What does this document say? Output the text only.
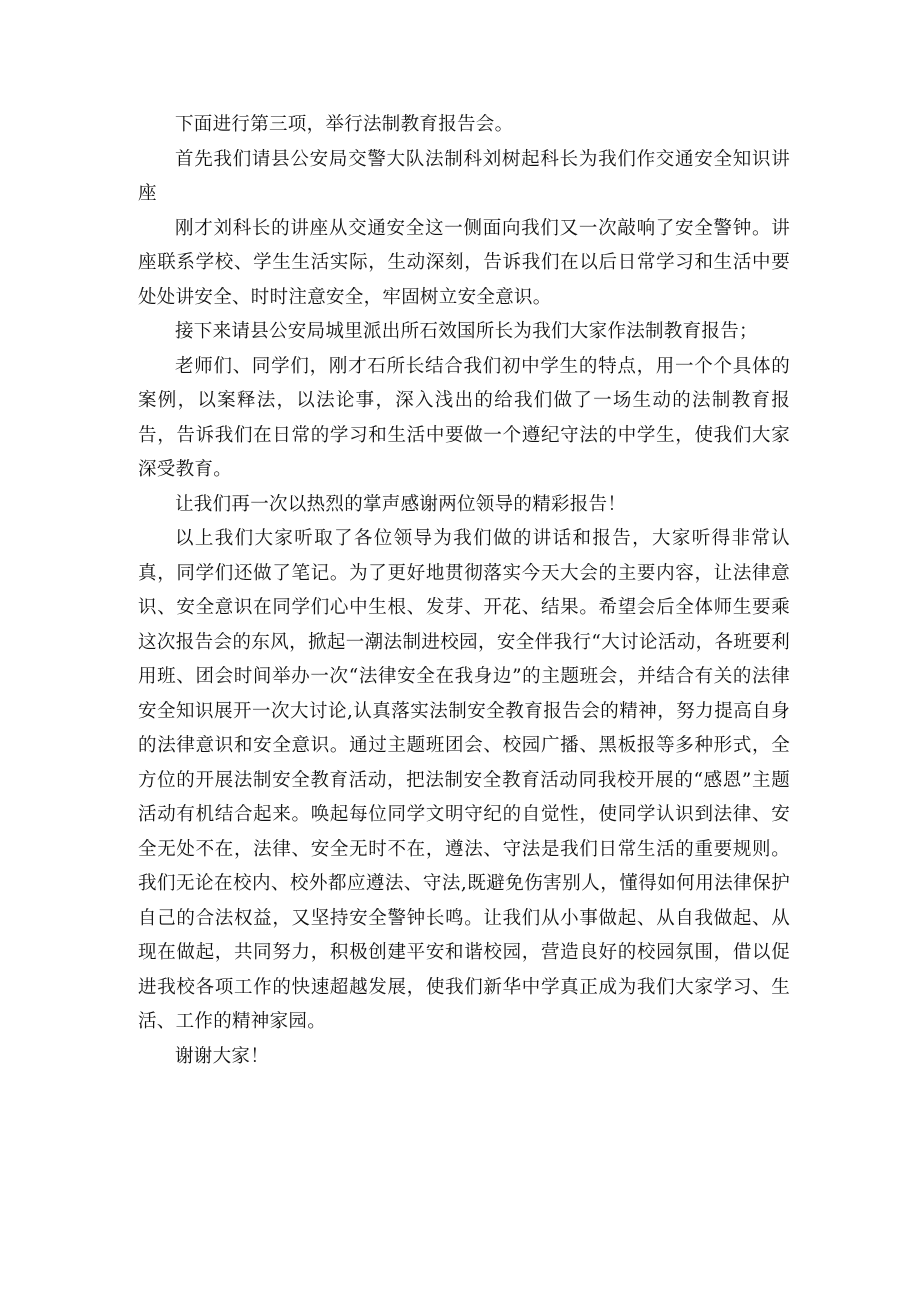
下面进行第三项，举行法制教育报告会。

首先我们请县公安局交警大队法制科刘树起科长为我们作交通安全知识讲座

刚才刘科长的讲座从交通安全这一侧面向我们又一次敲响了安全警钟。讲座联系学校、学生生活实际，生动深刻，告诉我们在以后日常学习和生活中要处处讲安全、时时注意安全，牢固树立安全意识。

接下来请县公安局城里派出所石效国所长为我们大家作法制教育报告；

老师们、同学们，刚才石所长结合我们初中学生的特点，用一个个具体的案例，以案释法，以法论事，深入浅出的给我们做了一场生动的法制教育报告，告诉我们在日常的学习和生活中要做一个遵纪守法的中学生，使我们大家深受教育。

让我们再一次以热烈的掌声感谢两位领导的精彩报告！

以上我们大家听取了各位领导为我们做的讲话和报告，大家听得非常认真，同学们还做了笔记。为了更好地贯彻落实今天大会的主要内容，让法律意识、安全意识在同学们心中生根、发芽、开花、结果。希望会后全体师生要乘这次报告会的东风，掀起一潮法制进校园，安全伴我行“大讨论活动，各班要利用班、团会时间举办一次“法律安全在我身边”的主题班会，并结合有关的法律安全知识展开一次大讨论,认真落实法制安全教育报告会的精神，努力提高自身的法律意识和安全意识。通过主题班团会、校园广播、黑板报等多种形式，全方位的开展法制安全教育活动，把法制安全教育活动同我校开展的“感恩”主题活动有机结合起来。唤起每位同学文明守纪的自觉性，使同学认识到法律、安全无处不在，法律、安全无时不在，遵法、守法是我们日常生活的重要规则。我们无论在校内、校外都应遵法、守法,既避免伤害别人，懂得如何用法律保护自己的合法权益，又坚持安全警钟长鸣。让我们从小事做起、从自我做起、从现在做起，共同努力，积极创建平安和谐校园，营造良好的校园氛围，借以促进我校各项工作的快速超越发展，使我们新华中学真正成为我们大家学习、生活、工作的精神家园。

谢谢大家！
